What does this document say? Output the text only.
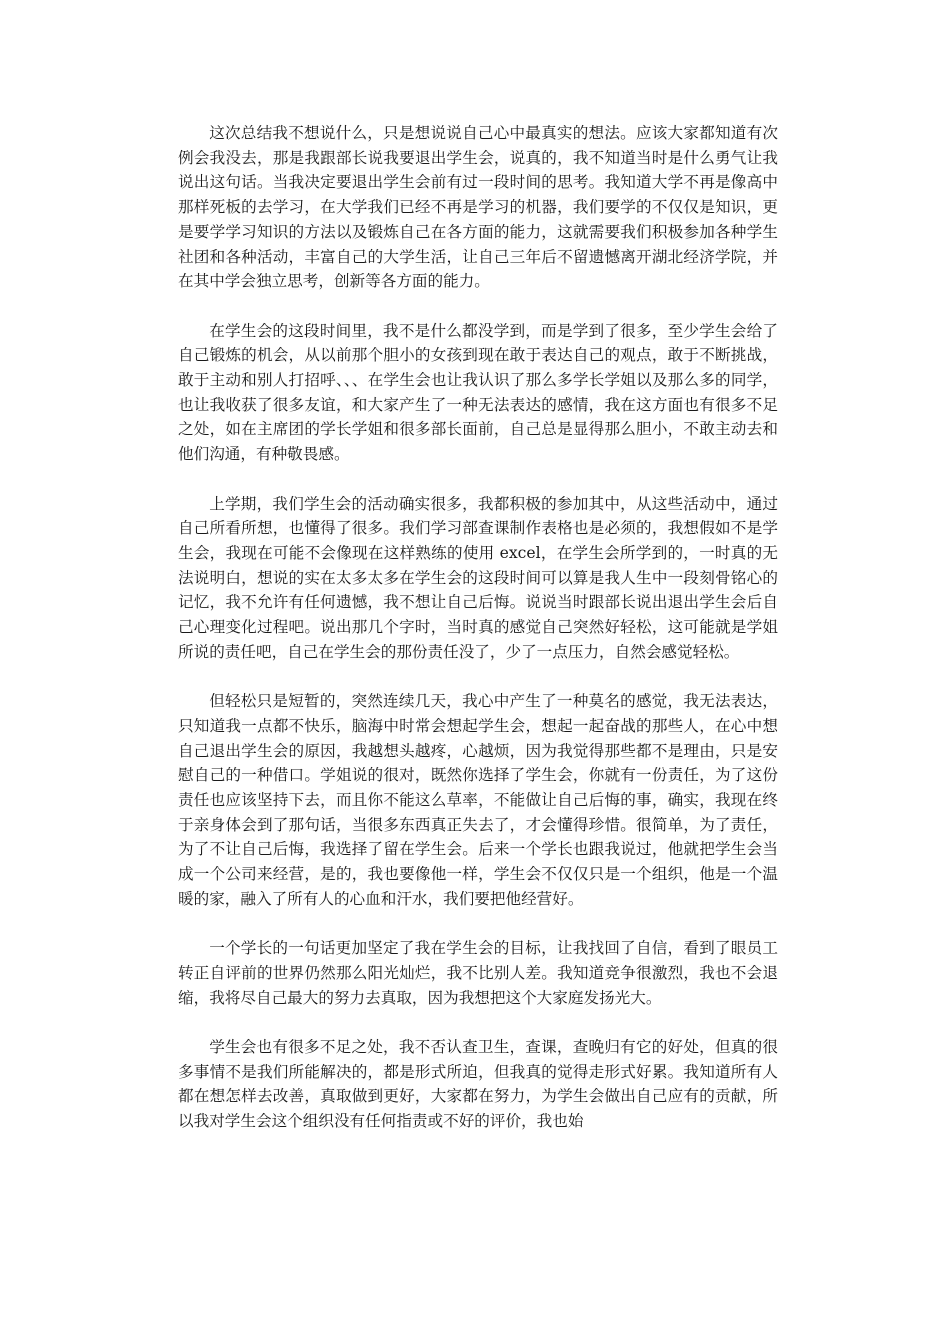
这次总结我不想说什么，只是想说说自己心中最真实的想法。应该大家都知道有次例会我没去，那是我跟部长说我要退出学生会，说真的，我不知道当时是什么勇气让我说出这句话。当我决定要退出学生会前有过一段时间的思考。我知道大学不再是像高中那样死板的去学习，在大学我们已经不再是学习的机器，我们要学的不仅仅是知识，更是要学学习知识的方法以及锻炼自己在各方面的能力，这就需要我们积极参加各种学生社团和各种活动，丰富自己的大学生活，让自己三年后不留遗憾离开湖北经济学院，并在其中学会独立思考，创新等各方面的能力。

在学生会的这段时间里，我不是什么都没学到，而是学到了很多，至少学生会给了自己锻炼的机会，从以前那个胆小的女孩到现在敢于表达自己的观点，敢于不断挑战，敢于主动和别人打招呼、、、在学生会也让我认识了那么多学长学姐以及那么多的同学，也让我收获了很多友谊，和大家产生了一种无法表达的感情，我在这方面也有很多不足之处，如在主席团的学长学姐和很多部长面前，自己总是显得那么胆小，不敢主动去和他们沟通，有种敬畏感。

上学期，我们学生会的活动确实很多，我都积极的参加其中，从这些活动中，通过自己所看所想，也懂得了很多。我们学习部查课制作表格也是必须的，我想假如不是学生会，我现在可能不会像现在这样熟练的使用 excel，在学生会所学到的，一时真的无法说明白，想说的实在太多太多在学生会的这段时间可以算是我人生中一段刻骨铭心的记忆，我不允许有任何遗憾，我不想让自己后悔。说说当时跟部长说出退出学生会后自己心理变化过程吧。说出那几个字时，当时真的感觉自己突然好轻松，这可能就是学姐所说的责任吧，自己在学生会的那份责任没了，少了一点压力，自然会感觉轻松。

但轻松只是短暂的，突然连续几天，我心中产生了一种莫名的感觉，我无法表达，只知道我一点都不快乐，脑海中时常会想起学生会，想起一起奋战的那些人，在心中想自己退出学生会的原因，我越想头越疼，心越烦，因为我觉得那些都不是理由，只是安慰自己的一种借口。学姐说的很对，既然你选择了学生会，你就有一份责任，为了这份责任也应该坚持下去，而且你不能这么草率，不能做让自己后悔的事，确实，我现在终于亲身体会到了那句话，当很多东西真正失去了，才会懂得珍惜。很简单，为了责任，为了不让自己后悔，我选择了留在学生会。后来一个学长也跟我说过，他就把学生会当成一个公司来经营，是的，我也要像他一样，学生会不仅仅只是一个组织，他是一个温暖的家，融入了所有人的心血和汗水，我们要把他经营好。

一个学长的一句话更加坚定了我在学生会的目标，让我找回了自信，看到了眼员工转正自评前的世界仍然那么阳光灿烂，我不比别人差。我知道竞争很激烈，我也不会退缩，我将尽自己最大的努力去真取，因为我想把这个大家庭发扬光大。

学生会也有很多不足之处，我不否认查卫生，查课，查晚归有它的好处，但真的很多事情不是我们所能解决的，都是形式所迫，但我真的觉得走形式好累。我知道所有人都在想怎样去改善，真取做到更好，大家都在努力，为学生会做出自己应有的贡献，所以我对学生会这个组织没有任何指责或不好的评价，我也始
